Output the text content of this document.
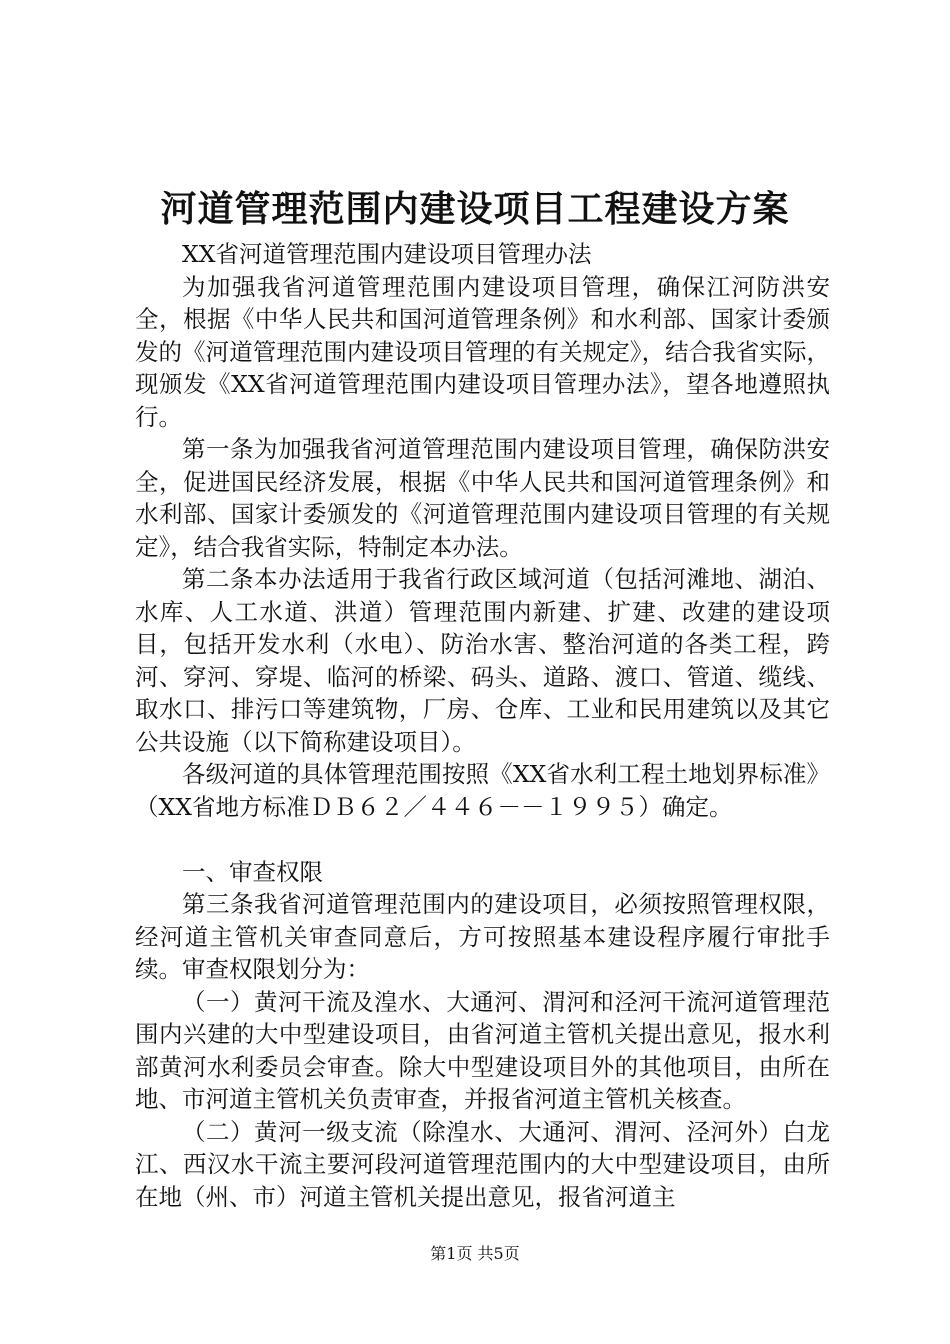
河道管理范围内建设项目工程建设方案

XX省河道管理范围内建设项目管理办法

为加强我省河道管理范围内建设项目管理，确保江河防洪安全，根据《中华人民共和国河道管理条例》和水利部、国家计委颁发的《河道管理范围内建设项目管理的有关规定》，结合我省实际，现颁发《XX省河道管理范围内建设项目管理办法》，望各地遵照执行。

第一条为加强我省河道管理范围内建设项目管理，确保防洪安全，促进国民经济发展，根据《中华人民共和国河道管理条例》和水利部、国家计委颁发的《河道管理范围内建设项目管理的有关规定》，结合我省实际，特制定本办法。

第二条本办法适用于我省行政区域河道（包括河滩地、湖泊、水库、人工水道、洪道）管理范围内新建、扩建、改建的建设项目，包括开发水利（水电）、防治水害、整治河道的各类工程，跨河、穿河、穿堤、临河的桥梁、码头、道路、渡口、管道、缆线、取水口、排污口等建筑物，厂房、仓库、工业和民用建筑以及其它公共设施（以下简称建设项目）。

各级河道的具体管理范围按照《XX省水利工程土地划界标准》（XX省地方标准ＤＢ６２／４４６－－１９９５）确定。

一、审查权限

第三条我省河道管理范围内的建设项目，必须按照管理权限，经河道主管机关审查同意后，方可按照基本建设程序履行审批手续。审查权限划分为：

（一）黄河干流及湟水、大通河、渭河和泾河干流河道管理范围内兴建的大中型建设项目，由省河道主管机关提出意见，报水利部黄河水利委员会审查。除大中型建设项目外的其他项目，由所在地、市河道主管机关负责审查，并报省河道主管机关核查。

（二）黄河一级支流（除湟水、大通河、渭河、泾河外）白龙江、西汉水干流主要河段河道管理范围内的大中型建设项目，由所在地（州、市）河道主管机关提出意见，报省河道主

第1页 共5页
